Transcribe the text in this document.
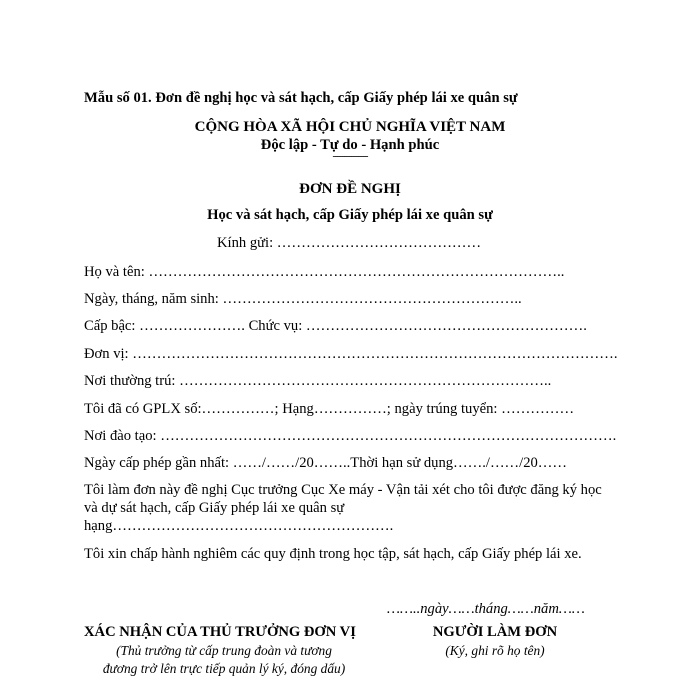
Mẫu số 01. Đơn đề nghị học và sát hạch, cấp Giấy phép lái xe quân sự
CỘNG HÒA XÃ HỘI CHỦ NGHĨA VIỆT NAM
Độc lập - Tự do - Hạnh phúc
---------------
ĐƠN ĐỀ NGHỊ
Học và sát hạch, cấp Giấy phép lái xe quân sự
Kính gửi: ……………………………………
Họ và tên: …………………………………………………………………………..
Ngày, tháng, năm sinh: ……………………………………………………..
Cấp bậc: …………………. Chức vụ: ………………………………………………….
Đơn vị: ……………………………………………………………………………………….
Nơi thường trú: …………………………………………………………………..
Tôi đã có GPLX số:……………; Hạng……………; ngày trúng tuyển: ……………
Nơi đào tạo: ………………………………………………………………………………….
Ngày cấp phép gần nhất: ……/……/20……..Thời hạn sử dụng……./……/20……
Tôi làm đơn này đề nghị Cục trưởng Cục Xe máy - Vận tải xét cho tôi được đăng ký học
và dự sát hạch, cấp Giấy phép lái xe quân sự
hạng………………………………………………….
Tôi xin chấp hành nghiêm các quy định trong học tập, sát hạch, cấp Giấy phép lái xe.
……..ngày……tháng……năm……
XÁC NHẬN CỦA THỦ TRƯỞNG ĐƠN VỊ
(Thủ trưởng từ cấp trung đoàn và tương
đương trở lên trực tiếp quản lý ký, đóng dấu)
NGƯỜI LÀM ĐƠN
(Ký, ghi rõ họ tên)
